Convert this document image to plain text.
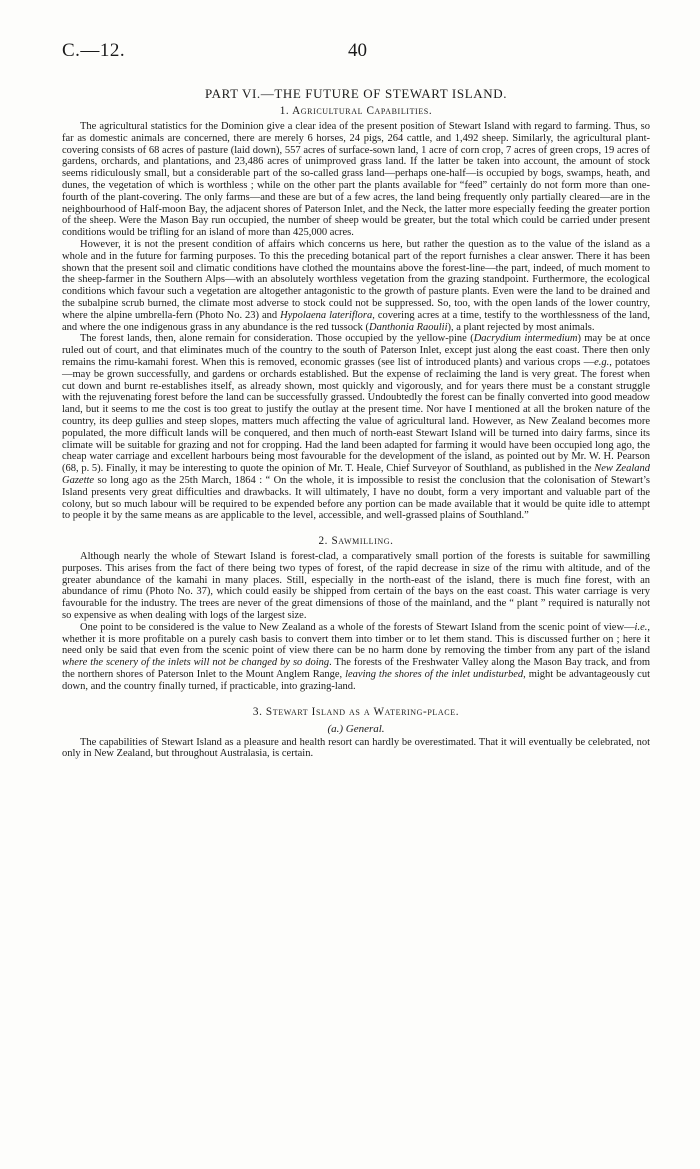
C.—12.	40
PART VI.—THE FUTURE OF STEWART ISLAND.
1. Agricultural Capabilities.

The agricultural statistics for the Dominion give a clear idea of the present position of Stewart Island with regard to farming. Thus, so far as domestic animals are concerned, there are merely 6 horses, 24 pigs, 264 cattle, and 1,492 sheep. Similarly, the agricultural plant-covering consists of 68 acres of pasture (laid down), 557 acres of surface-sown land, 1 acre of corn crop, 7 acres of green crops, 19 acres of gardens, orchards, and plantations, and 23,486 acres of unimproved grass land. If the latter be taken into account, the amount of stock seems ridiculously small, but a considerable part of the so-called grass land—perhaps one-half—is occupied by bogs, swamps, heath, and dunes, the vegetation of which is worthless ; while on the other part the plants available for “feed” certainly do not form more than one-fourth of the plant-covering. The only farms—and these are but of a few acres, the land being frequently only partially cleared—are in the neighbourhood of Half-moon Bay, the adjacent shores of Paterson Inlet, and the Neck, the latter more especially feeding the greater portion of the sheep. Were the Mason Bay run occupied, the number of sheep would be greater, but the total which could be carried under present conditions would be trifling for an island of more than 425,000 acres.

However, it is not the present condition of affairs which concerns us here, but rather the question as to the value of the island as a whole and in the future for farming purposes. To this the preceding botanical part of the report furnishes a clear answer. There it has been shown that the present soil and climatic conditions have clothed the mountains above the forest-line—the part, indeed, of much moment to the sheep-farmer in the Southern Alps—with an absolutely worthless vegetation from the grazing standpoint. Furthermore, the ecological conditions which favour such a vegetation are altogether antagonistic to the growth of pasture plants. Even were the land to be drained and the subalpine scrub burned, the climate most adverse to stock could not be suppressed. So, too, with the open lands of the lower country, where the alpine umbrella-fern (Photo No. 23) and Hypolaena lateriflora, covering acres at a time, testify to the worthlessness of the land, and where the one indigenous grass in any abundance is the red tussock (Danthonia Raoulii), a plant rejected by most animals.

The forest lands, then, alone remain for consideration. Those occupied by the yellow-pine (Dacrydium intermedium) may be at once ruled out of court, and that eliminates much of the country to the south of Paterson Inlet, except just along the east coast. There then only remains the rimu-kamahi forest. When this is removed, economic grasses (see list of introduced plants) and various crops —e.g., potatoes—may be grown successfully, and gardens or orchards established. But the expense of reclaiming the land is very great. The forest when cut down and burnt re-establishes itself, as already shown, most quickly and vigorously, and for years there must be a constant struggle with the rejuvenating forest before the land can be successfully grassed. Undoubtedly the forest can be finally converted into good meadow land, but it seems to me the cost is too great to justify the outlay at the present time. Nor have I mentioned at all the broken nature of the country, its deep gullies and steep slopes, matters much affecting the value of agricultural land. However, as New Zealand becomes more populated, the more difficult lands will be conquered, and then much of north-east Stewart Island will be turned into dairy farms, since its climate will be suitable for grazing and not for cropping. Had the land been adapted for farming it would have been occupied long ago, the cheap water carriage and excellent harbours being most favourable for the development of the island, as pointed out by Mr. W. H. Pearson (68, p. 5). Finally, it may be interesting to quote the opinion of Mr. T. Heale, Chief Surveyor of Southland, as published in the New Zealand Gazette so long ago as the 25th March, 1864 : “ On the whole, it is impossible to resist the conclusion that the colonisation of Stewart’s Island presents very great difficulties and drawbacks. It will ultimately, I have no doubt, form a very important and valuable part of the colony, but so much labour will be required to be expended before any portion can be made available that it would be quite idle to attempt to people it by the same means as are applicable to the level, accessible, and well-grassed plains of Southland.”

2. Sawmilling.

Although nearly the whole of Stewart Island is forest-clad, a comparatively small portion of the forests is suitable for sawmilling purposes. This arises from the fact of there being two types of forest, of the rapid decrease in size of the rimu with altitude, and of the greater abundance of the kamahi in many places. Still, especially in the north-east of the island, there is much fine forest, with an abundance of rimu (Photo No. 37), which could easily be shipped from certain of the bays on the east coast. This water carriage is very favourable for the industry. The trees are never of the great dimensions of those of the mainland, and the “ plant ” required is naturally not so expensive as when dealing with logs of the largest size.

One point to be considered is the value to New Zealand as a whole of the forests of Stewart Island from the scenic point of view—i.e., whether it is more profitable on a purely cash basis to convert them into timber or to let them stand. This is discussed further on ; here it need only be said that even from the scenic point of view there can be no harm done by removing the timber from any part of the island where the scenery of the inlets will not be changed by so doing. The forests of the Freshwater Valley along the Mason Bay track, and from the northern shores of Paterson Inlet to the Mount Anglem Range, leaving the shores of the inlet undisturbed, might be advantageously cut down, and the country finally turned, if practicable, into grazing-land.

3. Stewart Island as a Watering-place.
(a.) General.

The capabilities of Stewart Island as a pleasure and health resort can hardly be overestimated. That it will eventually be celebrated, not only in New Zealand, but throughout Australasia, is certain.
